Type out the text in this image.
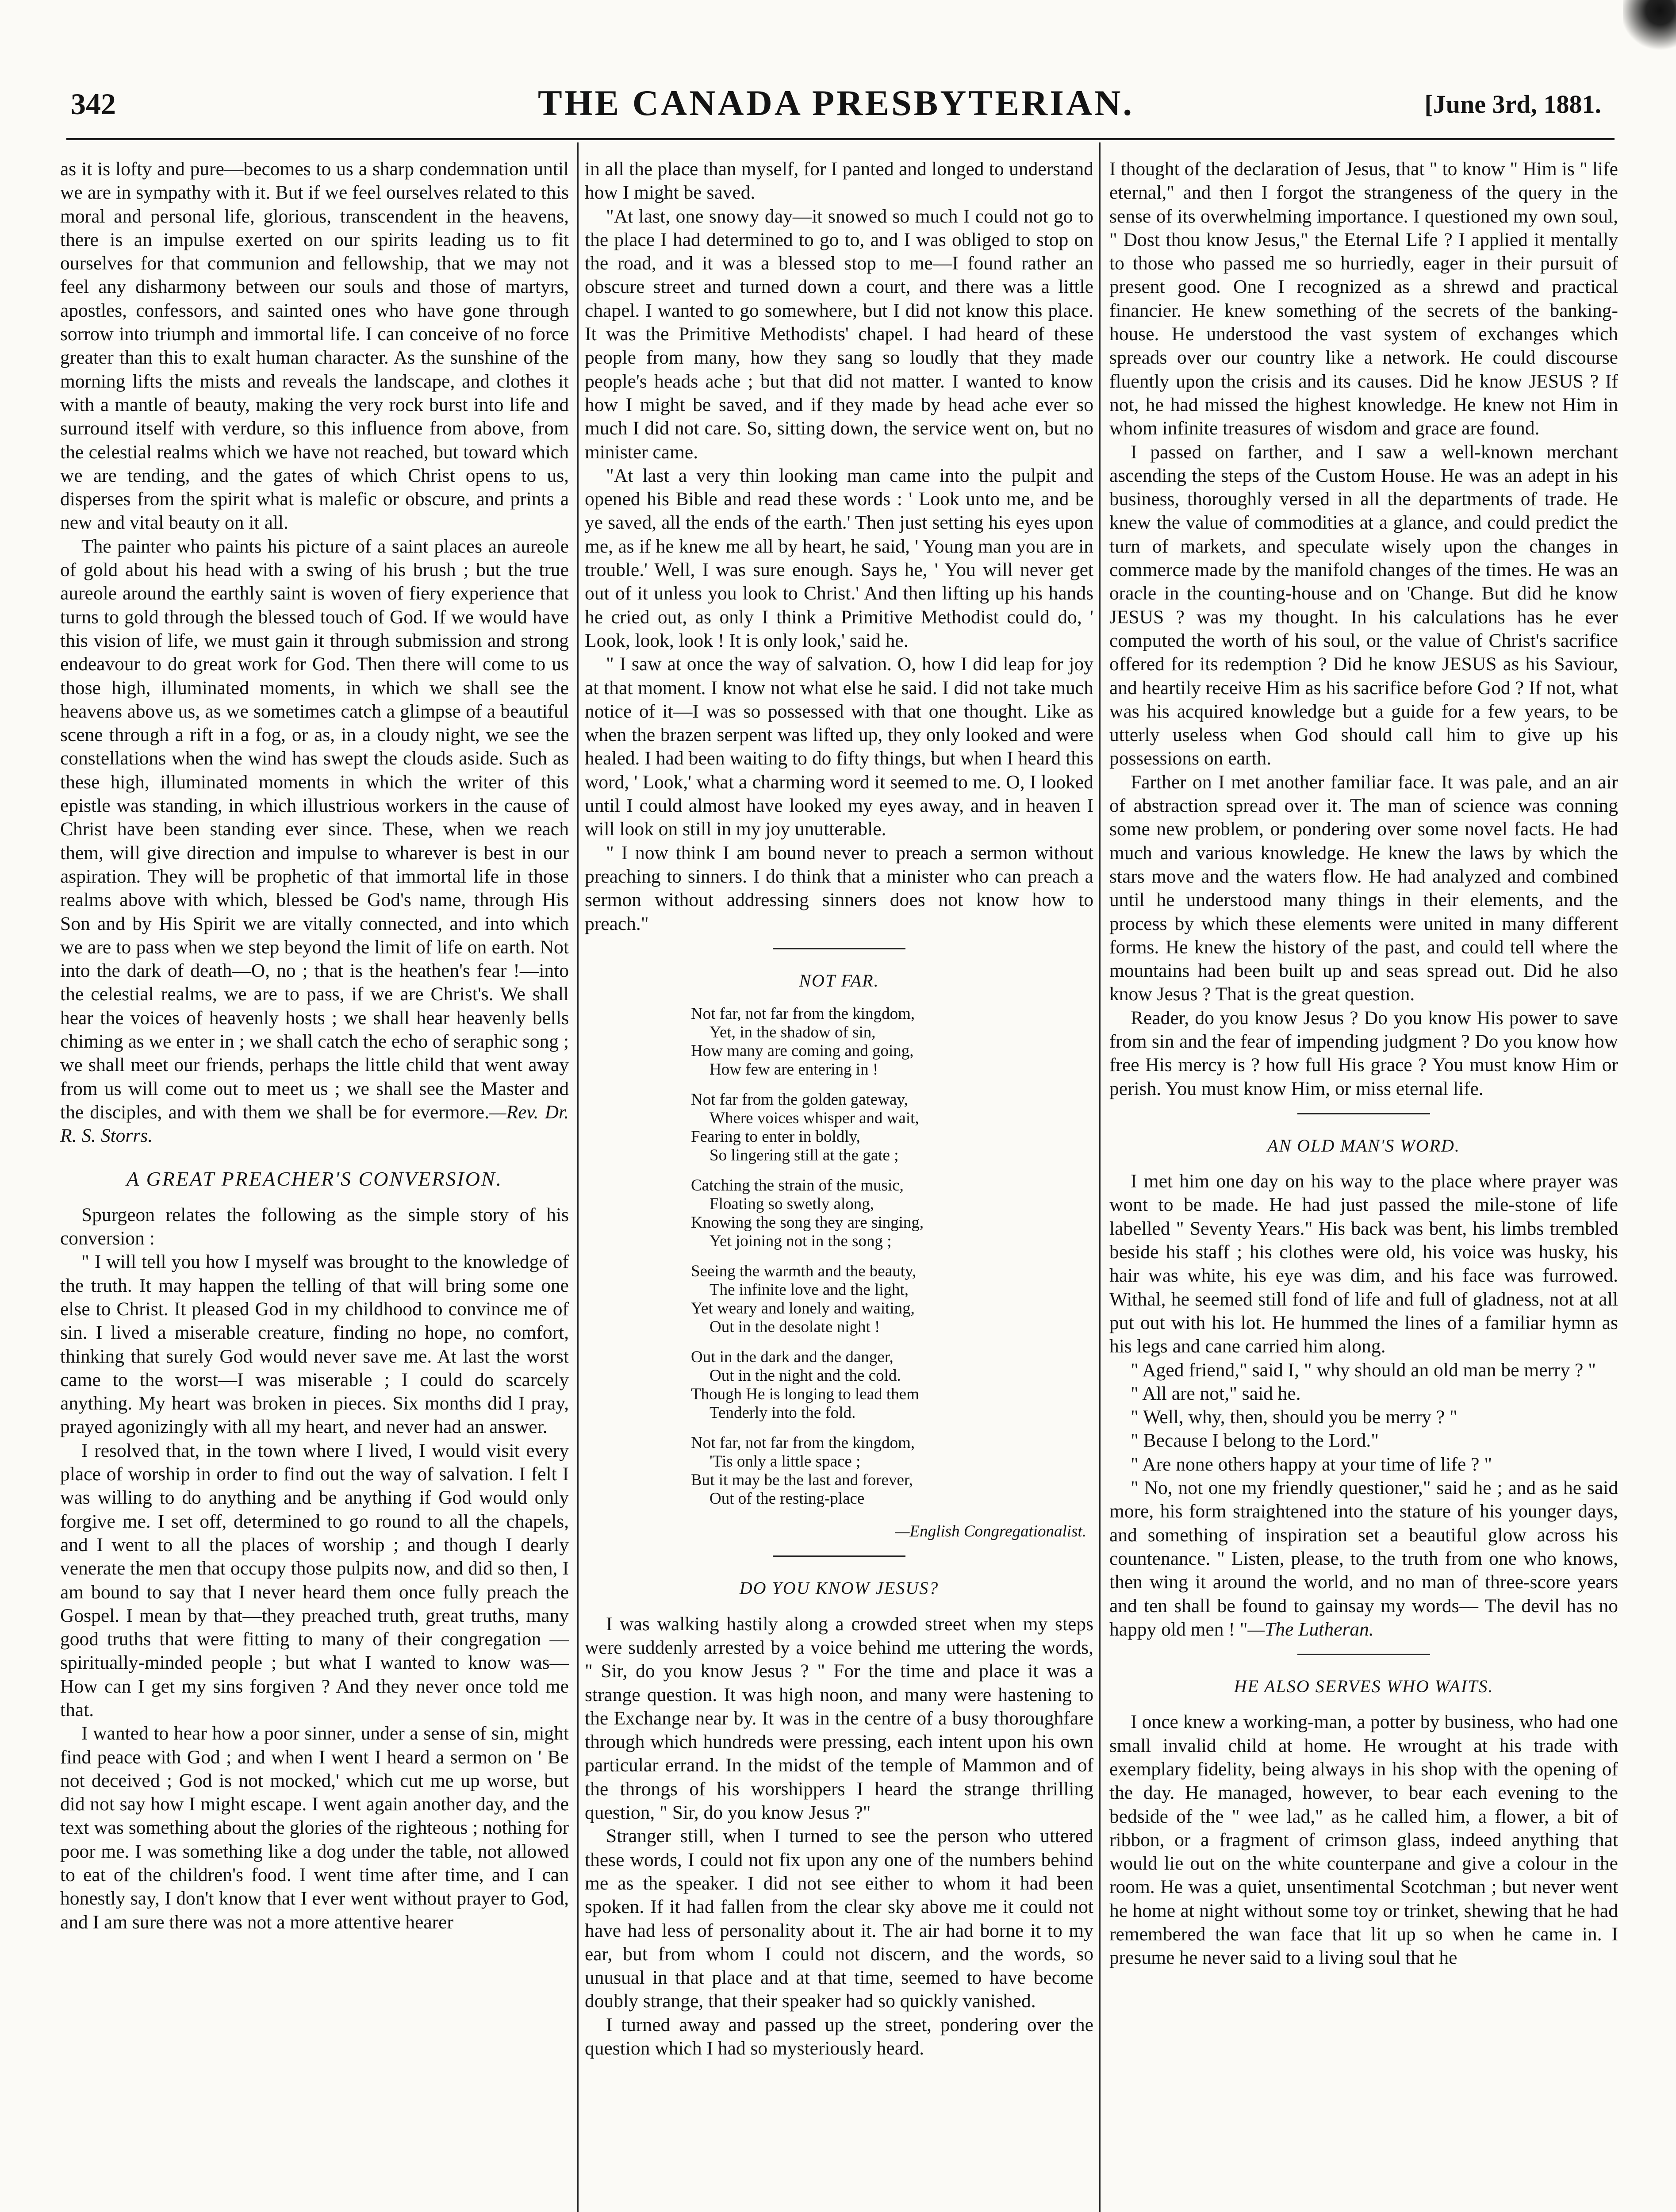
342	THE CANADA PRESBYTERIAN.	[June 3rd, 1881.

as it is lofty and pure—becomes to us a sharp condemnation until we are in sympathy with it. But if we feel ourselves related to this moral and personal life, glorious, transcendent in the heavens, there is an impulse exerted on our spirits leading us to fit ourselves for that communion and fellowship, that we may not feel any disharmony between our souls and those of martyrs, apostles, confessors, and sainted ones who have gone through sorrow into triumph and immortal life. I can conceive of no force greater than this to exalt human character. As the sunshine of the morning lifts the mists and reveals the landscape, and clothes it with a mantle of beauty, making the very rock burst into life and surround itself with verdure, so this influence from above, from the celestial realms which we have not reached, but toward which we are tending, and the gates of which Christ opens to us, disperses from the spirit what is malefic or obscure, and prints a new and vital beauty on it all.

The painter who paints his picture of a saint places an aureole of gold about his head with a swing of his brush ; but the true aureole around the earthly saint is woven of fiery experience that turns to gold through the blessed touch of God. If we would have this vision of life, we must gain it through submission and strong endeavour to do great work for God. Then there will come to us those high, illuminated moments, in which we shall see the heavens above us, as we sometimes catch a glimpse of a beautiful scene through a rift in a fog, or as, in a cloudy night, we see the constellations when the wind has swept the clouds aside. Such as these high, illuminated moments in which the writer of this epistle was standing, in which illustrious workers in the cause of Christ have been standing ever since. These, when we reach them, will give direction and impulse to wharever is best in our aspiration. They will be prophetic of that immortal life in those realms above with which, blessed be God's name, through His Son and by His Spirit we are vitally connected, and into which we are to pass when we step beyond the limit of life on earth. Not into the dark of death—O, no ; that is the heathen's fear !—into the celestial realms, we are to pass, if we are Christ's. We shall hear the voices of heavenly hosts ; we shall hear heavenly bells chiming as we enter in ; we shall catch the echo of seraphic song ; we shall meet our friends, perhaps the little child that went away from us will come out to meet us ; we shall see the Master and the disciples, and with them we shall be for evermore.—Rev. Dr. R. S. Storrs.

A GREAT PREACHER'S CONVERSION.

Spurgeon relates the following as the simple story of his conversion :

" I will tell you how I myself was brought to the knowledge of the truth. It may happen the telling of that will bring some one else to Christ. It pleased God in my childhood to convince me of sin. I lived a miserable creature, finding no hope, no comfort, thinking that surely God would never save me. At last the worst came to the worst—I was miserable ; I could do scarcely anything. My heart was broken in pieces. Six months did I pray, prayed agonizingly with all my heart, and never had an answer.

I resolved that, in the town where I lived, I would visit every place of worship in order to find out the way of salvation. I felt I was willing to do anything and be anything if God would only forgive me. I set off, determined to go round to all the chapels, and I went to all the places of worship ; and though I dearly venerate the men that occupy those pulpits now, and did so then, I am bound to say that I never heard them once fully preach the Gospel. I mean by that—they preached truth, great truths, many good truths that were fitting to many of their congregation —spiritually-minded people ; but what I wanted to know was—How can I get my sins forgiven ? And they never once told me that.

I wanted to hear how a poor sinner, under a sense of sin, might find peace with God ; and when I went I heard a sermon on ' Be not deceived ; God is not mocked,' which cut me up worse, but did not say how I might escape. I went again another day, and the text was something about the glories of the righteous ; nothing for poor me. I was something like a dog under the table, not allowed to eat of the children's food. I went time after time, and I can honestly say, I don't know that I ever went without prayer to God, and I am sure there was not a more attentive hearer

in all the place than myself, for I panted and longed to understand how I might be saved.

"At last, one snowy day—it snowed so much I could not go to the place I had determined to go to, and I was obliged to stop on the road, and it was a blessed stop to me—I found rather an obscure street and turned down a court, and there was a little chapel. I wanted to go somewhere, but I did not know this place. It was the Primitive Methodists' chapel. I had heard of these people from many, how they sang so loudly that they made people's heads ache ; but that did not matter. I wanted to know how I might be saved, and if they made by head ache ever so much I did not care. So, sitting down, the service went on, but no minister came.

"At last a very thin looking man came into the pulpit and opened his Bible and read these words : ' Look unto me, and be ye saved, all the ends of the earth.' Then just setting his eyes upon me, as if he knew me all by heart, he said, ' Young man you are in trouble.' Well, I was sure enough. Says he, ' You will never get out of it unless you look to Christ.' And then lifting up his hands he cried out, as only I think a Primitive Methodist could do, ' Look, look, look ! It is only look,' said he.

" I saw at once the way of salvation. O, how I did leap for joy at that moment. I know not what else he said. I did not take much notice of it—I was so possessed with that one thought. Like as when the brazen serpent was lifted up, they only looked and were healed. I had been waiting to do fifty things, but when I heard this word, ' Look,' what a charming word it seemed to me. O, I looked until I could almost have looked my eyes away, and in heaven I will look on still in my joy unutterable.

" I now think I am bound never to preach a sermon without preaching to sinners. I do think that a minister who can preach a sermon without addressing sinners does not know how to preach."

NOT FAR.
Not far, not far from the kingdom,
Yet, in the shadow of sin,
How many are coming and going,
How few are entering in !
Not far from the golden gateway,
Where voices whisper and wait,
Fearing to enter in boldly,
So lingering still at the gate ;
Catching the strain of the music,
Floating so swetly along,
Knowing the song they are singing,
Yet joining not in the song ;
Seeing the warmth and the beauty,
The infinite love and the light,
Yet weary and lonely and waiting,
Out in the desolate night !
Out in the dark and the danger,
Out in the night and the cold.
Though He is longing to lead them
Tenderly into the fold.
Not far, not far from the kingdom,
'Tis only a little space ;
But it may be the last and forever,
Out of the resting-place
—English Congregationalist.
DO YOU KNOW JESUS?

I was walking hastily along a crowded street when my steps were suddenly arrested by a voice behind me uttering the words, " Sir, do you know Jesus ? " For the time and place it was a strange question. It was high noon, and many were hastening to the Exchange near by. It was in the centre of a busy thoroughfare through which hundreds were pressing, each intent upon his own particular errand. In the midst of the temple of Mammon and of the throngs of his worshippers I heard the strange thrilling question, " Sir, do you know Jesus ?"

Stranger still, when I turned to see the person who uttered these words, I could not fix upon any one of the numbers behind me as the speaker. I did not see either to whom it had been spoken. If it had fallen from the clear sky above me it could not have had less of personality about it. The air had borne it to my ear, but from whom I could not discern, and the words, so unusual in that place and at that time, seemed to have become doubly strange, that their speaker had so quickly vanished.

I turned away and passed up the street, pondering over the question which I had so mysteriously heard.

I thought of the declaration of Jesus, that " to know " Him is " life eternal," and then I forgot the strangeness of the query in the sense of its overwhelming importance. I questioned my own soul, " Dost thou know Jesus," the Eternal Life ? I applied it mentally to those who passed me so hurriedly, eager in their pursuit of present good. One I recognized as a shrewd and practical financier. He knew something of the secrets of the banking-house. He understood the vast system of exchanges which spreads over our country like a network. He could discourse fluently upon the crisis and its causes. Did he know JESUS ? If not, he had missed the highest knowledge. He knew not Him in whom infinite treasures of wisdom and grace are found.

I passed on farther, and I saw a well-known merchant ascending the steps of the Custom House. He was an adept in his business, thoroughly versed in all the departments of trade. He knew the value of commodities at a glance, and could predict the turn of markets, and speculate wisely upon the changes in commerce made by the manifold changes of the times. He was an oracle in the counting-house and on 'Change. But did he know JESUS ? was my thought. In his calculations has he ever computed the worth of his soul, or the value of Christ's sacrifice offered for its redemption ? Did he know JESUS as his Saviour, and heartily receive Him as his sacrifice before God ? If not, what was his acquired knowledge but a guide for a few years, to be utterly useless when God should call him to give up his possessions on earth.

Farther on I met another familiar face. It was pale, and an air of abstraction spread over it. The man of science was conning some new problem, or pondering over some novel facts. He had much and various knowledge. He knew the laws by which the stars move and the waters flow. He had analyzed and combined until he understood many things in their elements, and the process by which these elements were united in many different forms. He knew the history of the past, and could tell where the mountains had been built up and seas spread out. Did he also know Jesus ? That is the great question.

Reader, do you know Jesus ? Do you know His power to save from sin and the fear of impending judgment ? Do you know how free His mercy is ? how full His grace ? You must know Him or perish. You must know Him, or miss eternal life.

AN OLD MAN'S WORD.

I met him one day on his way to the place where prayer was wont to be made. He had just passed the mile-stone of life labelled " Seventy Years." His back was bent, his limbs trembled beside his staff ; his clothes were old, his voice was husky, his hair was white, his eye was dim, and his face was furrowed. Withal, he seemed still fond of life and full of gladness, not at all put out with his lot. He hummed the lines of a familiar hymn as his legs and cane carried him along.

" Aged friend," said I, " why should an old man be merry ? "

" All are not," said he.

" Well, why, then, should you be merry ? "

" Because I belong to the Lord."

" Are none others happy at your time of life ? "

" No, not one my friendly questioner," said he ; and as he said more, his form straightened into the stature of his younger days, and something of inspiration set a beautiful glow across his countenance. " Listen, please, to the truth from one who knows, then wing it around the world, and no man of three-score years and ten shall be found to gainsay my words— The devil has no happy old men ! "—The Lutheran.

HE ALSO SERVES WHO WAITS.

I once knew a working-man, a potter by business, who had one small invalid child at home. He wrought at his trade with exemplary fidelity, being always in his shop with the opening of the day. He managed, however, to bear each evening to the bedside of the " wee lad," as he called him, a flower, a bit of ribbon, or a fragment of crimson glass, indeed anything that would lie out on the white counterpane and give a colour in the room. He was a quiet, unsentimental Scotchman ; but never went he home at night without some toy or trinket, shewing that he had remembered the wan face that lit up so when he came in. I presume he never said to a living soul that he
